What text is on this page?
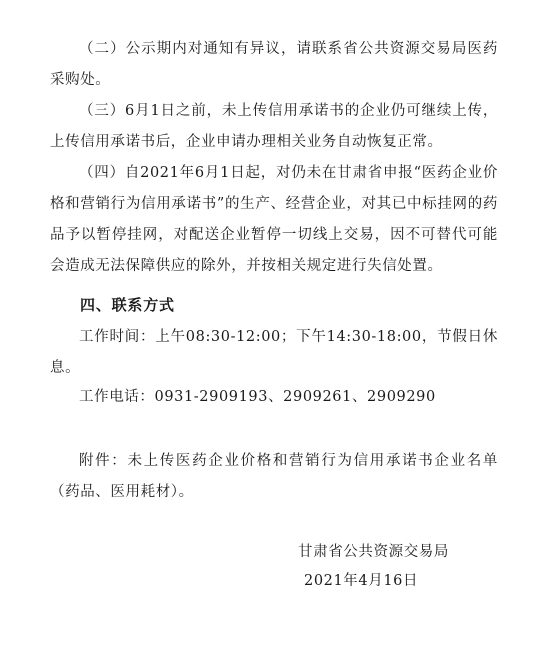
（二）公示期内对通知有异议，请联系省公共资源交易局医药采购处。

（三）6月1日之前，未上传信用承诺书的企业仍可继续上传，上传信用承诺书后，企业申请办理相关业务自动恢复正常。

（四）自2021年6月1日起，对仍未在甘肃省申报“医药企业价格和营销行为信用承诺书”的生产、经营企业，对其已中标挂网的药品予以暂停挂网，对配送企业暂停一切线上交易，因不可替代可能会造成无法保障供应的除外，并按相关规定进行失信处置。

四、联系方式

工作时间：上午08:30-12:00；下午14:30-18:00，节假日休息。

工作电话：0931-2909193、2909261、2909290

附件：未上传医药企业价格和营销行为信用承诺书企业名单（药品、医用耗材）。

甘肃省公共资源交易局

2021年4月16日
